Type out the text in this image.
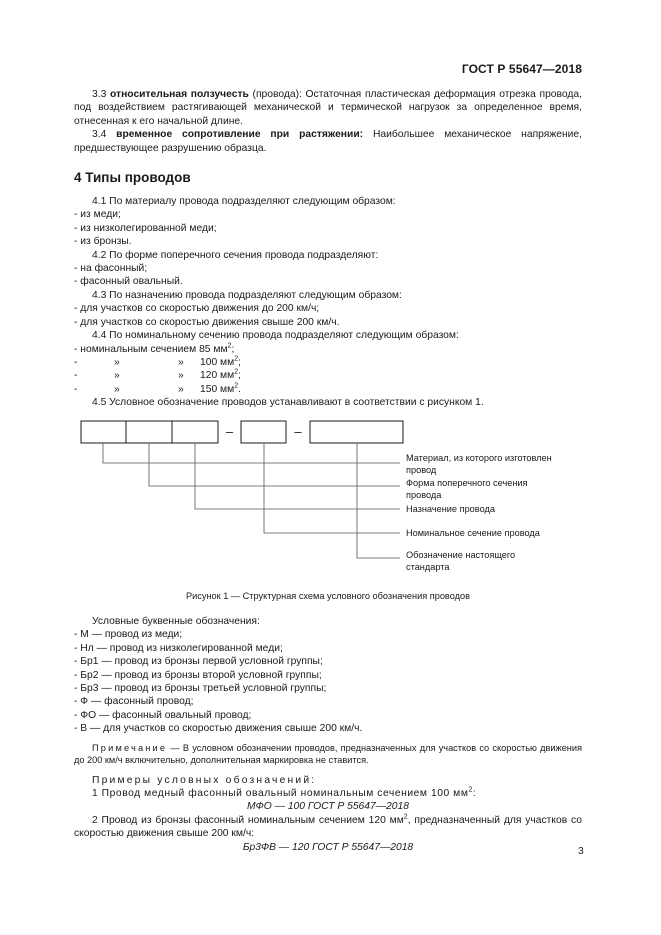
ГОСТ Р 55647—2018

3.3 относительная ползучесть (провода): Остаточная пластическая деформация отрезка провода, под воздействием растягивающей механической и термической нагрузок за определенное время, отнесенная к его начальной длине.

3.4 временное сопротивление при растяжении: Наибольшее механическое напряжение, предшествующее разрушению образца.

4 Типы проводов

4.1 По материалу провода подразделяют следующим образом:

- из меди;

- из низколегированной меди;

- из бронзы.

4.2 По форме поперечного сечения провода подразделяют:

- на фасонный;

- фасонный овальный.

4.3 По назначению провода подразделяют следующим образом:

- для участков со скоростью движения до 200 км/ч;

- для участков со скоростью движения свыше 200 км/ч.

4.4 По номинальному сечению провода подразделяют следующим образом:

- номинальным сечением 85 $мм^2$;

-	»	»	100 $мм^2$;
-	»	»	120 $мм^2$;
-	»	»	150 $мм^2$.

4.5 Условное обозначение проводов устанавливают в соответствии с рисунком 1.

–	–
Материал, из которого изготовлен провод
Форма поперечного сечения провода
Назначение провода
Номинальное сечение провода
Обозначение настоящего стандарта

Рисунок 1 — Структурная схема условного обозначения проводов

Условные буквенные обозначения:

- М — провод из меди;

- Нл — провод из низколегированной меди;

- Бр1 — провод из бронзы первой условной группы;

- Бр2 — провод из бронзы второй условной группы;

- Бр3 — провод из бронзы третьей условной группы;

- Ф — фасонный провод;

- ФО — фасонный овальный провод;

- В — для участков со скоростью движения свыше 200 км/ч.

Примечание — В условном обозначении проводов, предназначенных для участков со скоростью движения до 200 км/ч включительно, дополнительная маркировка не ставится.

Примеры условных обозначений:

1 Провод медный фасонный овальный номинальным сечением 100 $мм^2$:

МФО — 100 ГОСТ Р 55647—2018

2 Провод из бронзы фасонный номинальным сечением 120 $мм^2$, предназначенный для участков со скоростью движения свыше 200 км/ч:

Бр3ФВ — 120 ГОСТ Р 55647—2018	3
